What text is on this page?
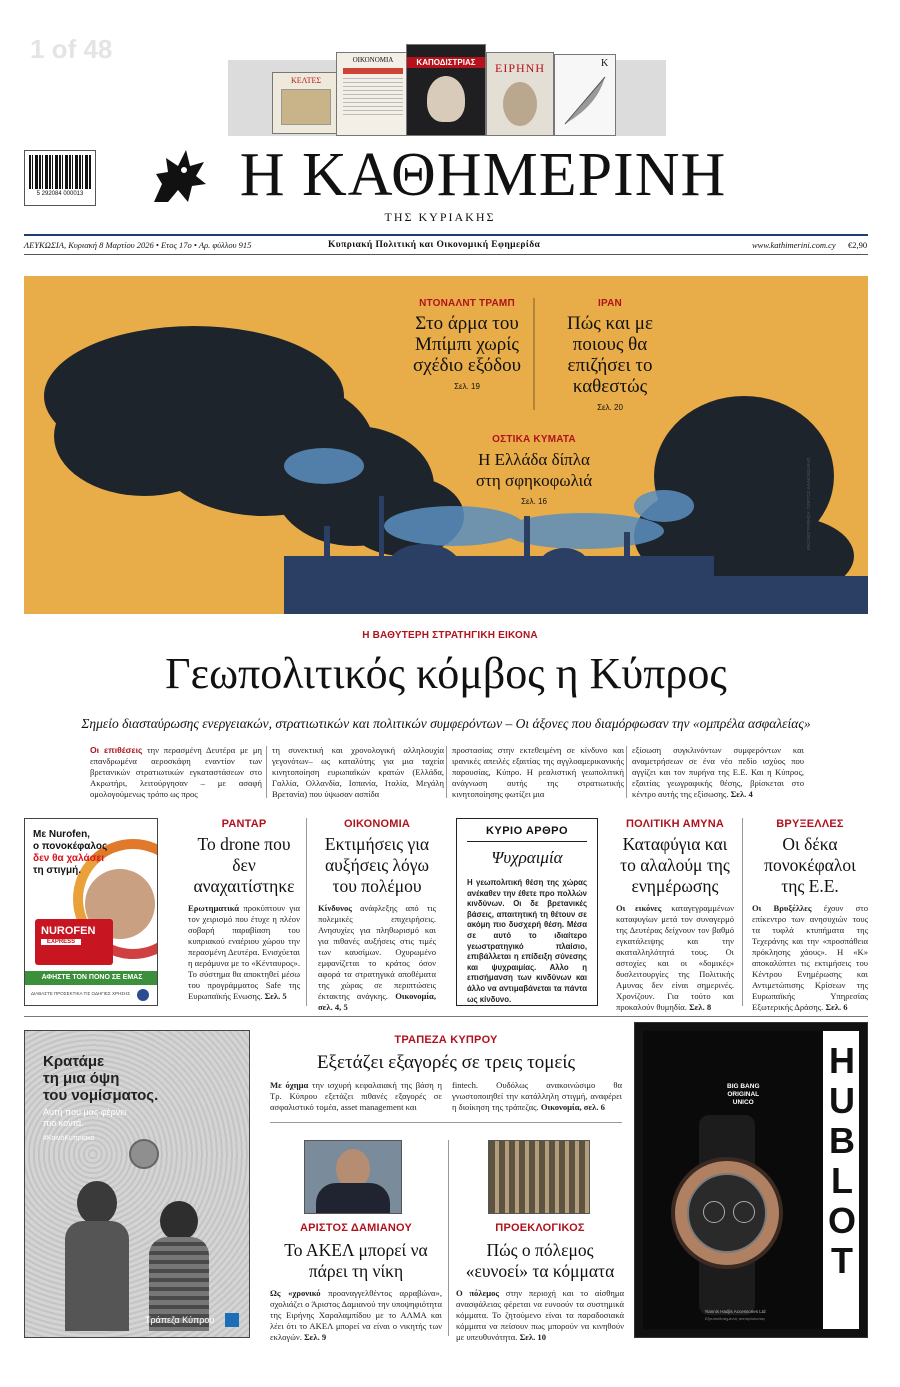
1 of 48
ΚΕΛΤΕΣ
ΟΙΚΟΝΟΜΙΑ	ΚΑΠΟΔΙΣΤΡΙΑΣ	ΕΙΡΗΝΗ	K
5 292084 000013	Η ΚΑΘΗΜΕΡΙΝΗ
ΤΗΣ ΚΥΡΙΑΚΗΣ
ΛΕΥΚΩΣΙΑ, Κυριακή 8 Μαρτίου 2026 • Ετος 17ο • Αρ. φύλλου 915	Κυπριακή Πολιτική και Οικονομική Εφημερίδα	www.kathimerini.com.cy €2,90
ΝΤΟΝΑΛΝΤ ΤΡΑΜΠ
Στο άρμα του Μπίμπι χωρίς σχέδιο εξόδου
Σελ. 19
ΙΡΑΝ
Πώς και με ποιους θα επιζήσει το καθεστώς
Σελ. 20
ΟΣΤΙΚΑ ΚΥΜΑΤΑ
Η Ελλάδα δίπλα στη σφηκοφωλιά
Σελ. 16	ΕΙΚΟΝΟΓΡΑΦΗΣΗ: ΓΙΩΡΓΟΣ ΚΑΛΙΟΝΖΑΚΗΣ
Η ΒΑΘΥΤΕΡΗ ΣΤΡΑΤΗΓΙΚΗ ΕΙΚΟΝΑ
Γεωπολιτικός κόμβος η Κύπρος
Σημείο διασταύρωσης ενεργειακών, στρατιωτικών και πολιτικών συμφερόντων – Οι άξονες που διαμόρφωσαν την «ομπρέλα ασφαλείας»
Οι επιθέσεις την περασμένη Δευτέρα με μη επανδρωμένα αεροσκάφη εναντίον των βρετανικών στρατιωτικών εγκαταστάσεων στο Ακρωτήρι, λειτούργησαν – με ασαφή ομολογούμενως τρόπο ως προς
τη συνεκτική και χρονολογική αλληλουχία γεγονότων– ως καταλύτης για μια ταχεία κινητοποίηση ευρωπαϊκών κρατών (Ελλάδα, Γαλλία, Ολλανδία, Ισπανία, Ιταλία, Μεγάλη Βρετανία) που ύψωσαν ασπίδα
προστασίας στην εκτεθειμένη σε κίνδυνο και ιρανικές απειλές εξαιτίας της αγγλοαμερικανικής παρουσίας, Κύπρο. Η ρεαλιστική γεωπολιτική ανάγνωση αυτής της στρατιωτικής κινητοποίησης φωτίζει μια
εξίσωση συγκλινόντων συμφερόντων και αναμετρήσεων σε ένα νέο πεδίο ισχύος που αγγίζει και τον πυρήνα της Ε.Ε. Και η Κύπρος, εξαιτίας γεωγραφικής θέσης, βρίσκεται στο κέντρο αυτής της εξίσωσης. Σελ. 4
Με Nurofen,
ο πονοκέφαλος
δεν θα χαλάσει
τη στιγμή.
NUROFEN
EXPRESS
ΑΦΗΣΤΕ ΤΟΝ ΠΟΝΟ ΣΕ ΕΜΑΣ
ΔΙΑΒΑΣΤΕ ΠΡΟΣΕΚΤΙΚΑ ΤΙΣ ΟΔΗΓΙΕΣ ΧΡΗΣΗΣ
ΡΑΝΤΑΡ
Το drone που δεν αναχαιτίστηκε
Ερωτηματικά προκύπτουν για τον χειρισμό που έτυχε η πλέον σοβαρή παραβίαση του κυπριακού εναέριου χώρου την περασμένη Δευτέρα. Ενισχύεται η αεράμυνα με το «Κένταυρος». Το σύστημα θα αποκτηθεί μέσω του προγράμματος Safe της Ευρωπαϊκής Ενωσης. Σελ. 5
ΟΙΚΟΝΟΜΙΑ
Εκτιμήσεις για αυξήσεις λόγω του πολέμου
Κίνδυνος ανάφλεξης από τις πολεμικές επιχειρήσεις. Ανησυχίες για πληθωρισμό και για πιθανές αυξήσεις στις τιμές των καυσίμων. Οχυρωμένο εμφανίζεται το κράτος όσον αφορά τα στρατηγικά αποθέματα της χώρας σε περιπτώσεις έκτακτης ανάγκης. Οικονομία, σελ. 4, 5
ΚΥΡΙΟ ΑΡΘΡΟ
Ψυχραιμία
Η γεωπολιτική θέση της χώρας ανέκαθεν την έθετε προ πολλών κινδύνων. Οι δε βρετανικές βάσεις, απαιτητική τη θέτουν σε ακόμη πιο δυσχερή θέση. Μέσα σε αυτό το ιδιαίτερο γεωστρατηγικό πλαίσιο, επιβάλλεται η επίδειξη σύνεσης και ψυχραιμίας. Αλλο η επισήμανση των κινδύνων και άλλο να αντιμαβάνεται τα πάντα ως κίνδυνο.
ΠΟΛΙΤΙΚΗ ΑΜΥΝΑ
Καταφύγια και το αλαλούμ της ενημέρωσης
Οι εικόνες καταγεγραμμένων καταφυγίων μετά τον συναγερμό της Δευτέρας δείχνουν τον βαθμό εγκατάλειψης και την ακαταλληλότητά τους. Οι αστοχίες και οι «δομικές» δυσλειτουργίες της Πολιτικής Αμυνας δεν είναι σημερινές. Χρονίζουν. Για τούτο και προκαλούν θυμηδία. Σελ. 8
ΒΡΥΞΕΛΛΕΣ
Οι δέκα πονοκέφαλοι της Ε.Ε.
Οι Βρυξέλλες έχουν στο επίκεντρο των ανησυχιών τους τα τυφλά κτυπήματα της Τεχεράνης και την «προσπάθεια πρόκλησης χάους». Η «Κ» αποκαλύπτει τις εκτιμήσεις του Κέντρου Ενημέρωσης και Αντιμετώπισης Κρίσεων της Ευρωπαϊκής Υπηρεσίας Εξωτερικής Δράσης. Σελ. 6
Κρατάμε
τη μια όψη
του νομίσματος.
Αυτή που μας φέρνει
πιο κοντά.
#ΚοινόΚυπριακό
Τράπεζα Κύπρου
ΤΡΑΠΕΖΑ ΚΥΠΡΟΥ
Εξετάζει εξαγορές σε τρεις τομείς
Με όχημα την ισχυρή κεφαλαιακή της βάση η Τρ. Κύπρου εξετάζει πιθανές εξαγορές σε ασφαλιστικό τομέα, asset management και
fintech. Ουδόλως ανακοινώσιμο θα γνωστοποιηθεί την κατάλληλη στιγμή, αναφέρει η διοίκηση της τράπεζας. Οικονομία, σελ. 6
ΑΡΙΣΤΟΣ ΔΑΜΙΑΝΟΥ
Το ΑΚΕΛ μπορεί να πάρει τη νίκη
Ως «χρονικό προαναγγελθέντος αρραβώνα», σχολιάζει ο Άριστος Δαμιανού την υποψηφιότητα της Ειρήνης Χαραλαμπίδου με το ΑΛΜΑ και λέει ότι το ΑΚΕΛ μπορεί να είναι ο νικητής των εκλογών. Σελ. 9
ΠΡΟΕΚΛΟΓΙΚΟΣ
Πώς ο πόλεμος «ευνοεί» τα κόμματα
Ο πόλεμος στην περιοχή και το αίσθημα ανασφάλειας φέρεται να ευνοούν τα συστημικά κόμματα. Το ζητούμενο είναι τα παραδοσιακά κόμματα να πείσουν πως μπορούν να κινηθούν με υπευθυνότητα. Σελ. 10
BIG BANG
ORIGINAL
UNICO
HUBLOT
Yiannis Hadjis Accessories Ltd
Εξουσιοδοτημένος αντιπρόσωπος
